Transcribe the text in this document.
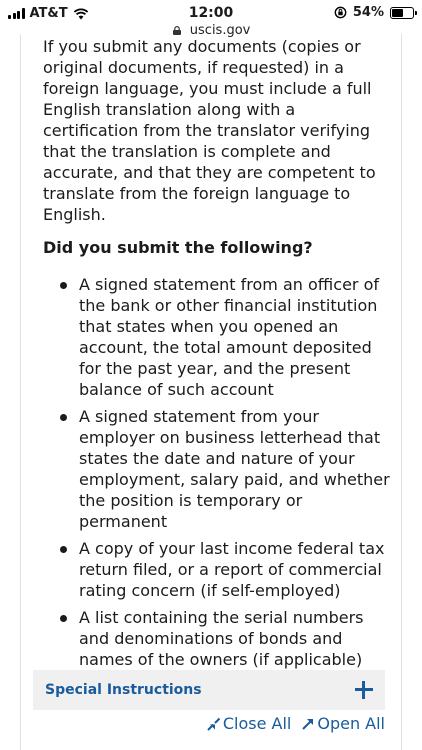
AT&T	12:00	54%
uscis.gov

If you submit any documents (copies or original documents, if requested) in a foreign language, you must include a full English translation along with a certification from the translator verifying that the translation is complete and accurate, and that they are competent to translate from the foreign language to English.

Did you submit the following?

A signed statement from an officer of the bank or other financial institution that states when you opened an account, the total amount deposited for the past year, and the present balance of such account
A signed statement from your employer on business letterhead that states the date and nature of your employment, salary paid, and whether the position is temporary or permanent
A copy of your last income federal tax return filed, or a report of commercial rating concern (if self-employed)
A list containing the serial numbers and denominations of bonds and names of the owners (if applicable)
Special Instructions
Close All Open All
